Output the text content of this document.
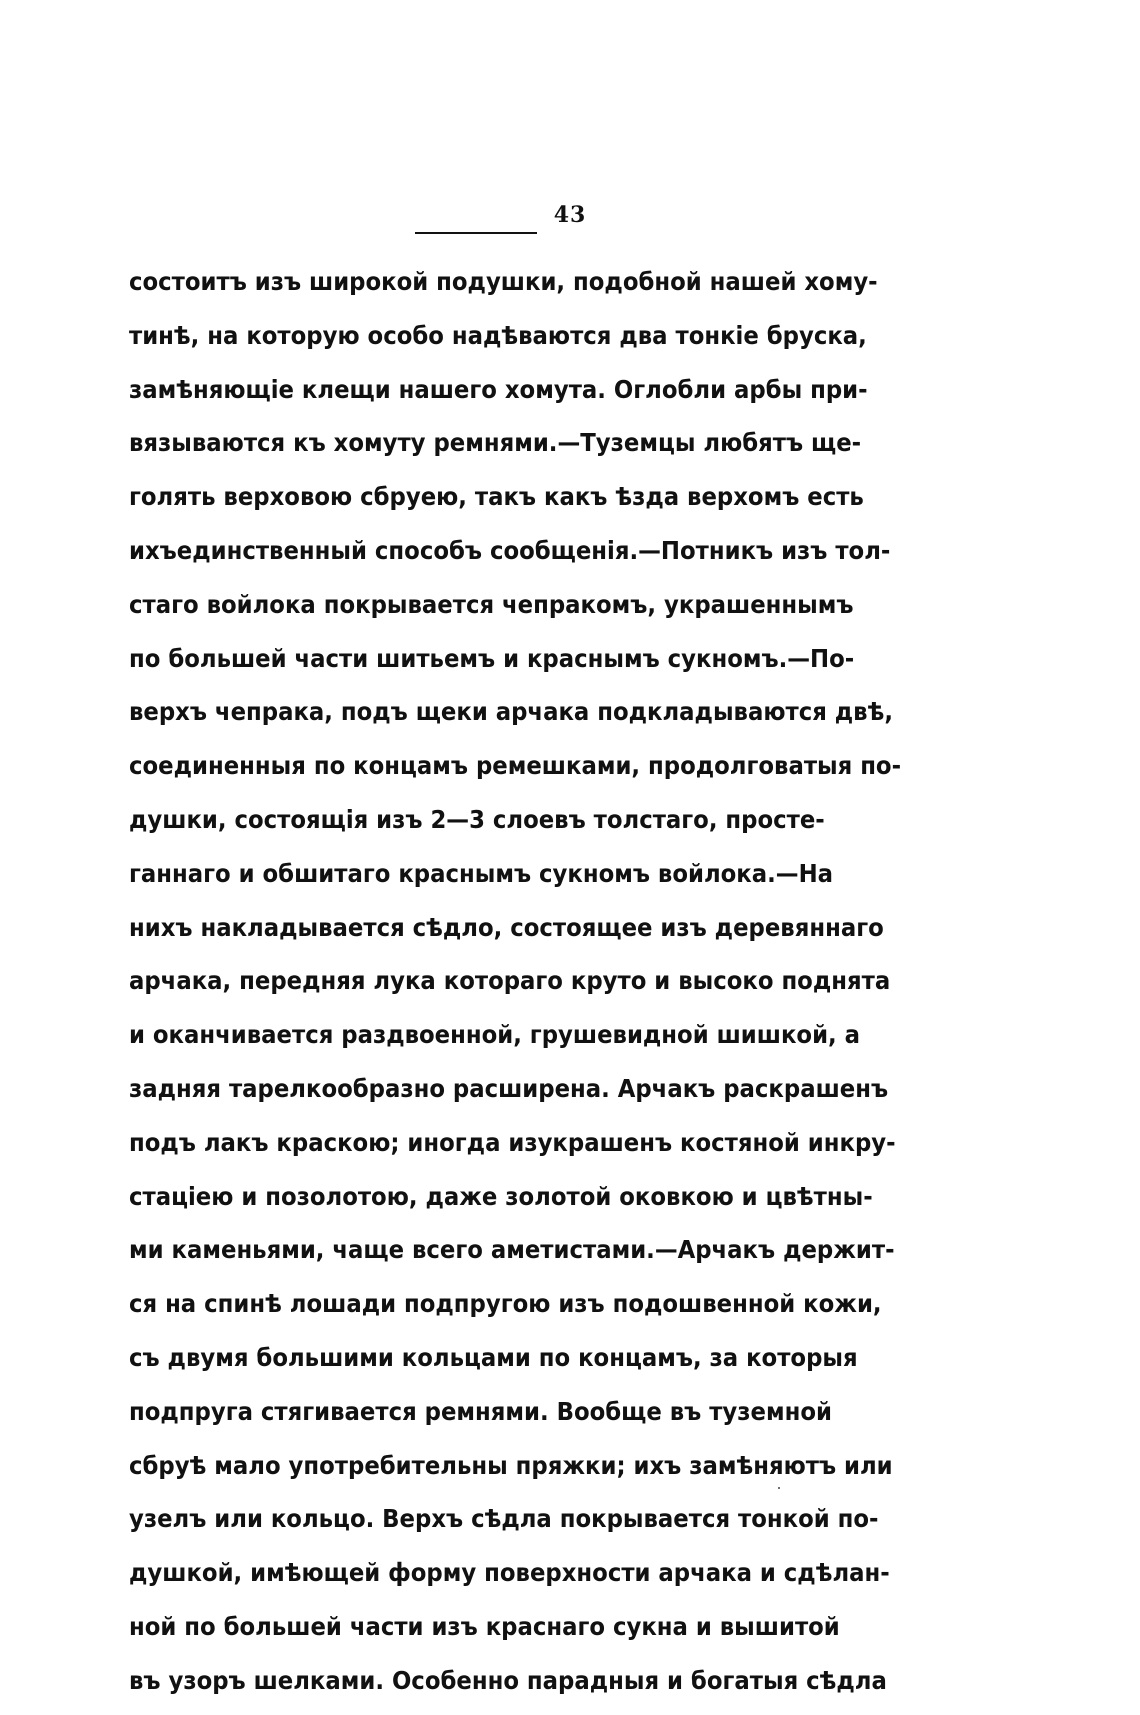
43
состоитъ изъ широкой подушки, подобной нашей хому-
тинѣ, на которую особо надѣваются два тонкіе бруска,
замѣняющіе клещи нашего хомута. Оглобли арбы при-
вязываются къ хомуту ремнями.—Туземцы любятъ ще-
голять верховою сбруею, такъ какъ ѣзда верхомъ есть
ихъединственный способъ сообщенія.—Потникъ изъ тол-
стаго войлока покрывается чепракомъ, украшеннымъ
по большей части шитьемъ и краснымъ сукномъ.—По-
верхъ чепрака, подъ щеки арчака подкладываются двѣ,
соединенныя по концамъ ремешками, продолговатыя по-
душки, состоящія изъ 2—3 слоевъ толстаго, простe-
ганнаго и обшитаго краснымъ сукномъ войлока.—На
нихъ накладывается сѣдло, состоящее изъ деревяннаго
арчака, передняя лука котораго круто и высоко поднята
и оканчивается раздвоенной, грушевидной шишкой, а
задняя тарелкообразно расширена. Арчакъ раскрашенъ
подъ лакъ краскою; иногда изукрашенъ костяной инкру-
стаціею и позолотою, даже золотой оковкою и цвѣтны-
ми каменьями, чаще всего аметистами.—Арчакъ держит-
ся на спинѣ лошади подпругою изъ подошвенной кожи,
съ двумя большими кольцами по концамъ, за которыя
подпруга стягивается ремнями. Вообще въ туземной
сбруѣ мало употребительны пряжки; ихъ замѣняютъ или
узелъ или кольцо. Верхъ сѣдла покрывается тонкой по-
душкой, имѣющей форму поверхности арчака и сдѣлан-
ной по большей части изъ краснаго сукна и вышитой
въ узоръ шелками. Особенно парадныя и богатыя сѣдла
